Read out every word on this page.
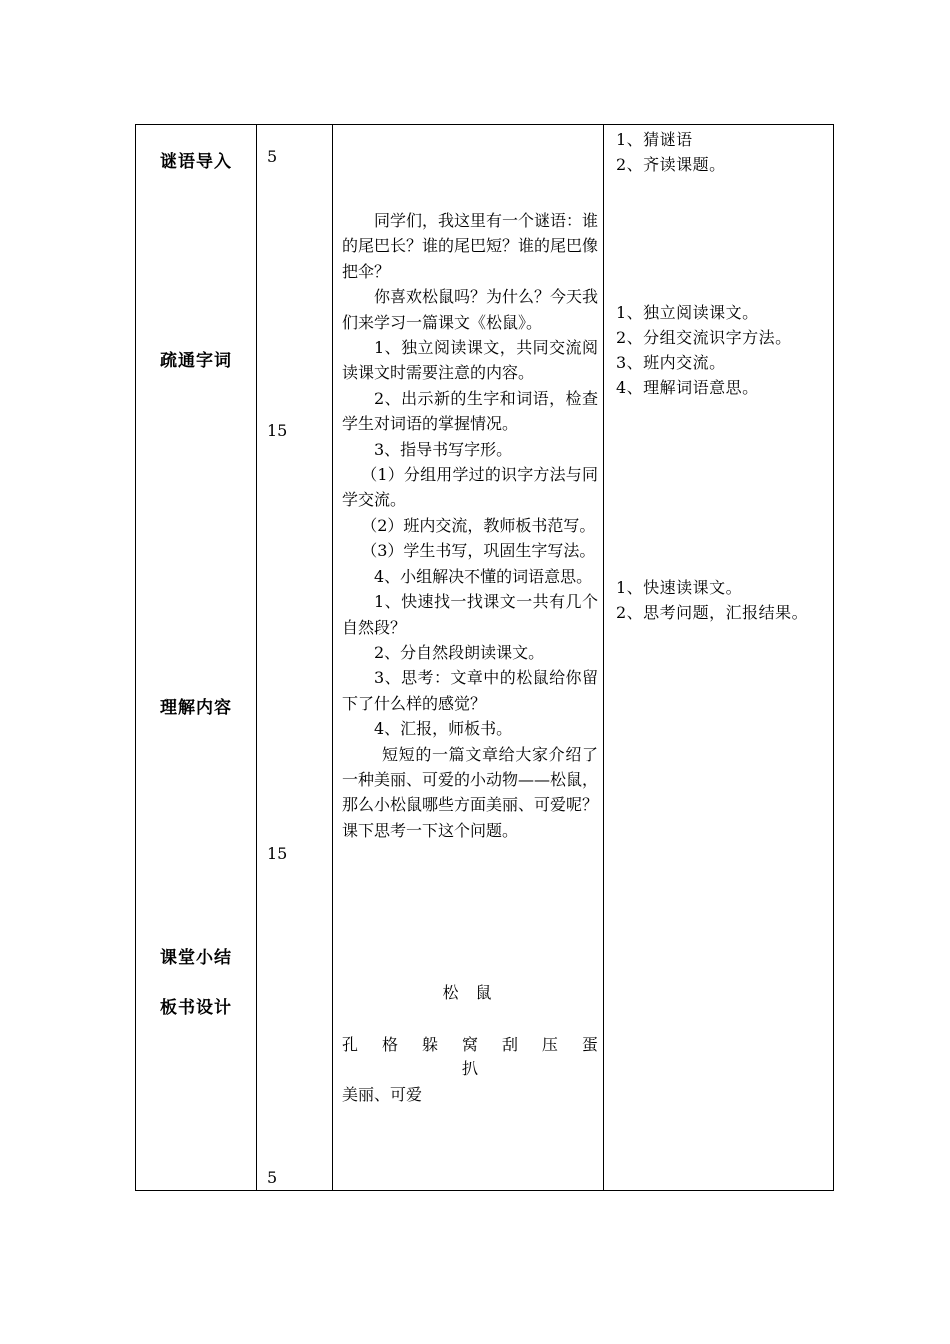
谜语导入
疏通字词
理解内容
课堂小结
板书设计
5
15
15
5

同学们，我这里有一个谜语：谁的尾巴长？谁的尾巴短？谁的尾巴像把伞？

你喜欢松鼠吗？为什么？今天我们来学习一篇课文《松鼠》。

1、独立阅读课文，共同交流阅读课文时需要注意的内容。

2、出示新的生字和词语，检查学生对词语的掌握情况。

3、指导书写字形。

（1）分组用学过的识字方法与同学交流。

（2）班内交流，教师板书范写。

（3）学生书写，巩固生字写法。

4、小组解决不懂的词语意思。

1、快速找一找课文一共有几个自然段？

2、分自然段朗读课文。

3、思考：文章中的松鼠给你留下了什么样的感觉？

4、汇报，师板书。

短短的一篇文章给大家介绍了一种美丽、可爱的小动物——松鼠，那么小松鼠哪些方面美丽、可爱呢？课下思考一下这个问题。

松 鼠
孔 格 躲 窝 刮 压 蛋
扒
美丽、可爱
1、猜谜语
2、齐读课题。
1、独立阅读课文。
2、分组交流识字方法。
3、班内交流。
4、理解词语意思。
1、快速读课文。
2、思考问题，汇报结果。
